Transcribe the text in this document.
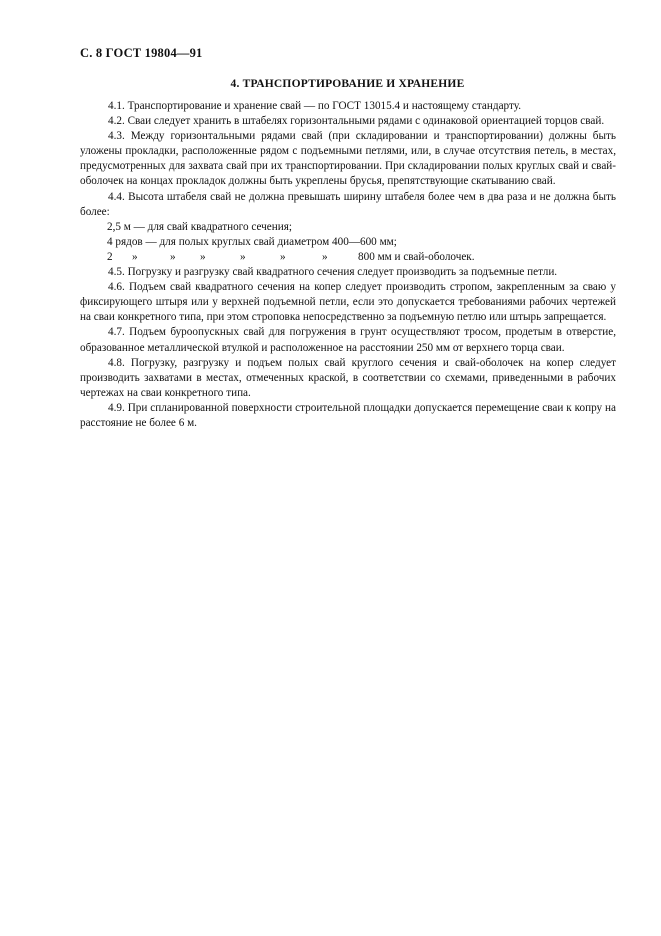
С. 8 ГОСТ 19804—91
4. ТРАНСПОРТИРОВАНИЕ И ХРАНЕНИЕ

4.1. Транспортирование и хранение свай — по ГОСТ 13015.4 и настоящему стандарту.

4.2. Сваи следует хранить в штабелях горизонтальными рядами с одинаковой ориентацией торцов свай.

4.3. Между горизонтальными рядами свай (при складировании и транспортировании) должны быть уложены прокладки, расположенные рядом с подъемными петлями, или, в случае отсутствия петель, в местах, предусмотренных для захвата свай при их транспортировании. При складировании полых круглых свай и свай-оболочек на концах прокладок должны быть укреплены брусья, препятствующие скатыванию свай.

4.4. Высота штабеля свай не должна превышать ширину штабеля более чем в два раза и не должна быть более:

2,5 м — для свай квадратного сечения;

4 рядов — для полых круглых свай диаметром 400—600 мм;

2 »	» »	»	»	»	800 мм и свай-оболочек.

4.5. Погрузку и разгрузку свай квадратного сечения следует производить за подъемные петли.

4.6. Подъем свай квадратного сечения на копер следует производить стропом, закрепленным за сваю у фиксирующего штыря или у верхней подъемной петли, если это допускается требованиями рабочих чертежей на сваи конкретного типа, при этом строповка непосредственно за подъемную петлю или штырь запрещается.

4.7. Подъем буроопускных свай для погружения в грунт осуществляют тросом, продетым в отверстие, образованное металлической втулкой и расположенное на расстоянии 250 мм от верхнего торца сваи.

4.8. Погрузку, разгрузку и подъем полых свай круглого сечения и свай-оболочек на копер следует производить захватами в местах, отмеченных краской, в соответствии со схемами, приведенными в рабочих чертежах на сваи конкретного типа.

4.9. При спланированной поверхности строительной площадки допускается перемещение сваи к копру на расстояние не более 6 м.
